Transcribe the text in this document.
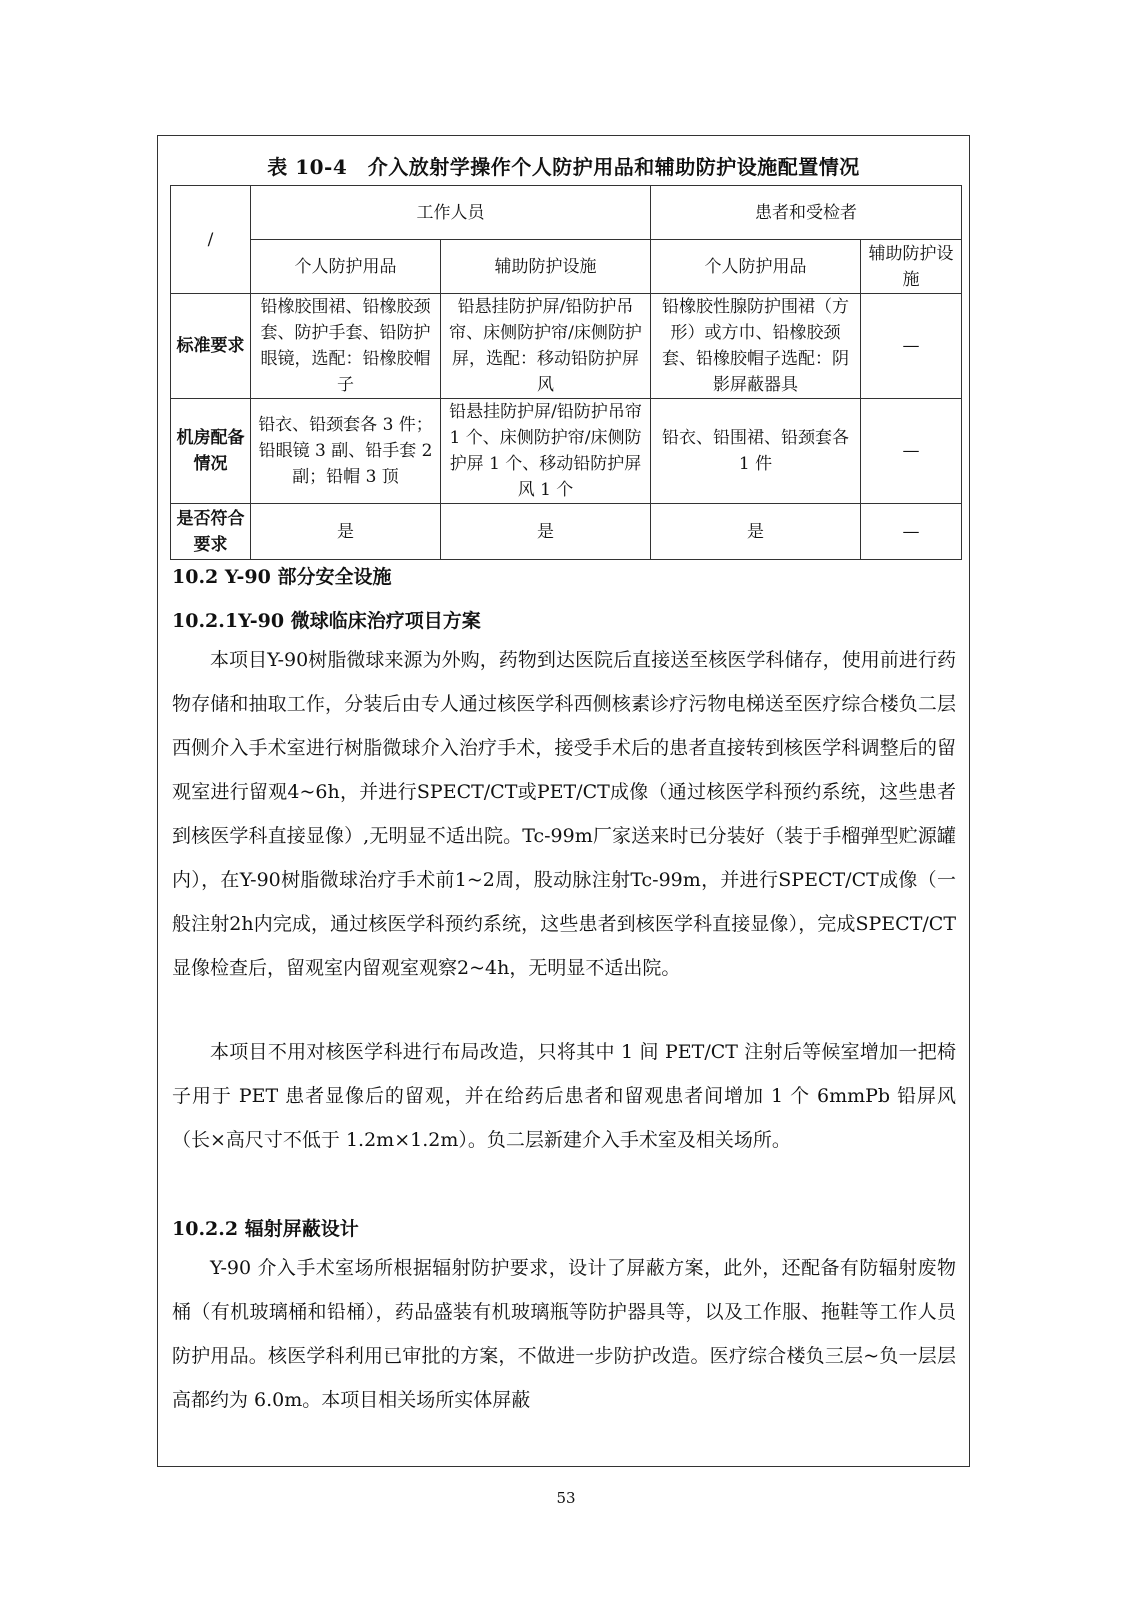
表 10-4　介入放射学操作个人防护用品和辅助防护设施配置情况
/	工作人员		患者和受检者	
	个人防护用品	辅助防护设施	个人防护用品	辅助防护设施
标准要求	铅橡胶围裙、铅橡胶颈套、防护手套、铅防护眼镜，选配：铅橡胶帽子	铅悬挂防护屏/铅防护吊帘、床侧防护帘/床侧防护屏，选配：移动铅防护屏风	铅橡胶性腺防护围裙（方形）或方巾、铅橡胶颈套、铅橡胶帽子选配：阴影屏蔽器具	—
机房配备情况	铅衣、铅颈套各 3 件；铅眼镜 3 副、铅手套 2 副；铅帽 3 顶	铅悬挂防护屏/铅防护吊帘 1 个、床侧防护帘/床侧防护屏 1 个、移动铅防护屏风 1 个	铅衣、铅围裙、铅颈套各 1 件	—
是否符合要求	是	是	是	—
10.2 Y-90 部分安全设施
10.2.1Y-90 微球临床治疗项目方案
本项目Y-90树脂微球来源为外购，药物到达医院后直接送至核医学科储存，使用前进行药物存储和抽取工作，分装后由专人通过核医学科西侧核素诊疗污物电梯送至医疗综合楼负二层西侧介入手术室进行树脂微球介入治疗手术，接受手术后的患者直接转到核医学科调整后的留观室进行留观4~6h，并进行SPECT/CT或PET/CT成像（通过核医学科预约系统，这些患者到核医学科直接显像）,无明显不适出院。Tc-99m厂家送来时已分装好（装于手榴弹型贮源罐内），在Y-90树脂微球治疗手术前1~2周，股动脉注射Tc-99m，并进行SPECT/CT成像（一般注射2h内完成，通过核医学科预约系统，这些患者到核医学科直接显像），完成SPECT/CT显像检查后，留观室内留观室观察2~4h，无明显不适出院。
本项目不用对核医学科进行布局改造，只将其中 1 间 PET/CT 注射后等候室增加一把椅子用于 PET 患者显像后的留观，并在给药后患者和留观患者间增加 1 个 6mmPb 铅屏风（长×高尺寸不低于 1.2m×1.2m）。负二层新建介入手术室及相关场所。
10.2.2 辐射屏蔽设计
Y-90 介入手术室场所根据辐射防护要求，设计了屏蔽方案，此外，还配备有防辐射废物桶（有机玻璃桶和铅桶），药品盛装有机玻璃瓶等防护器具等，以及工作服、拖鞋等工作人员防护用品。核医学科利用已审批的方案，不做进一步防护改造。医疗综合楼负三层~负一层层高都约为 6.0m。本项目相关场所实体屏蔽
53
